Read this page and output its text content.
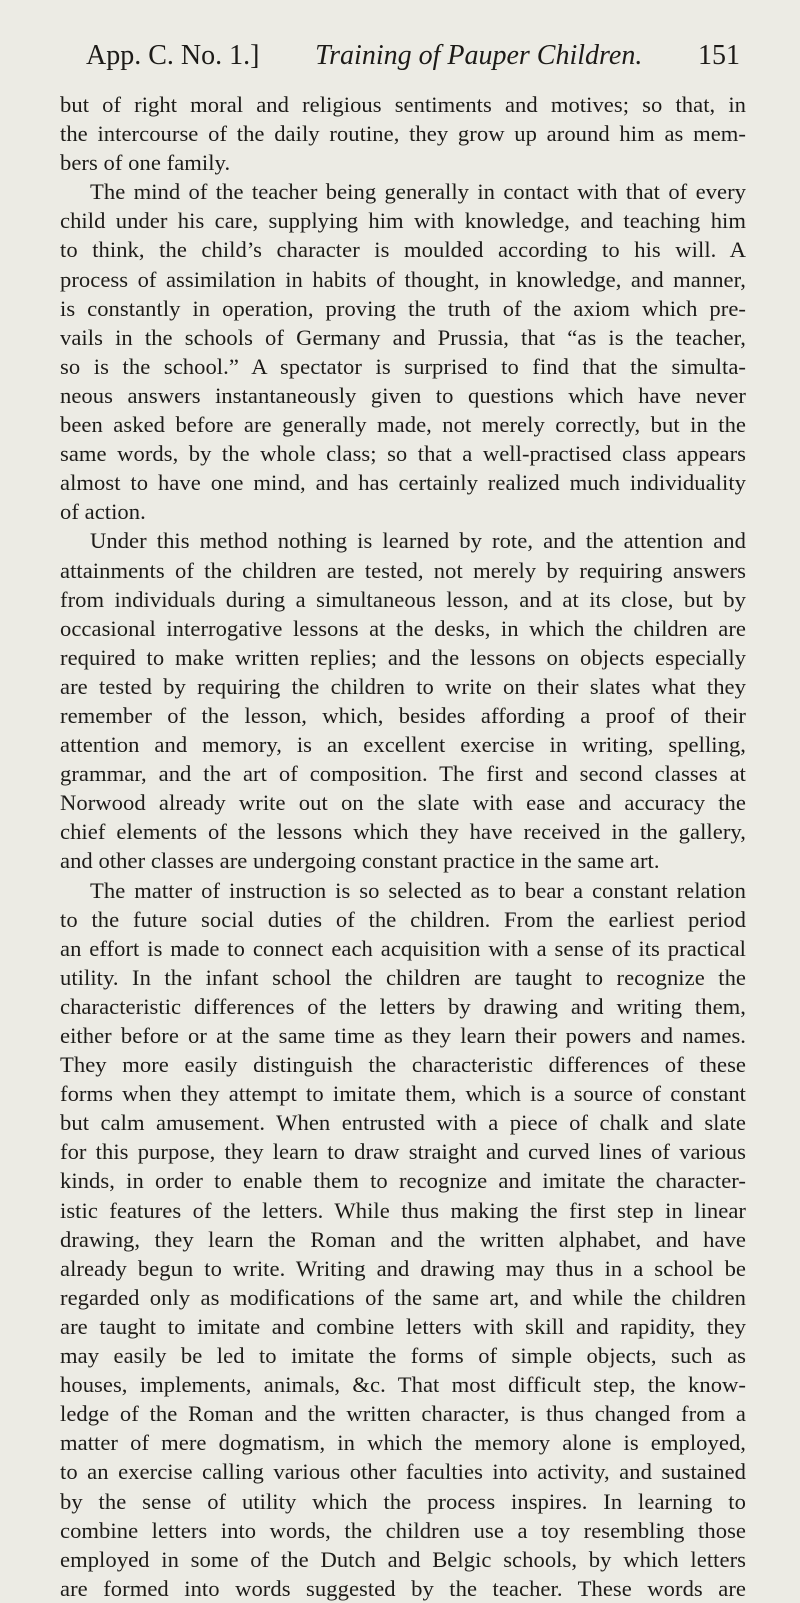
App. C. No. 1.] Training of Pauper Children. 151
but of right moral and religious sentiments and motives; so that, in
the intercourse of the daily routine, they grow up around him as mem-
bers of one family.
The mind of the teacher being generally in contact with that of every
child under his care, supplying him with knowledge, and teaching him
to think, the child’s character is moulded according to his will. A
process of assimilation in habits of thought, in knowledge, and manner,
is constantly in operation, proving the truth of the axiom which pre-
vails in the schools of Germany and Prussia, that “as is the teacher,
so is the school.” A spectator is surprised to find that the simulta-
neous answers instantaneously given to questions which have never
been asked before are generally made, not merely correctly, but in the
same words, by the whole class; so that a well-practised class appears
almost to have one mind, and has certainly realized much individuality
of action.
Under this method nothing is learned by rote, and the attention and
attainments of the children are tested, not merely by requiring answers
from individuals during a simultaneous lesson, and at its close, but by
occasional interrogative lessons at the desks, in which the children are
required to make written replies; and the lessons on objects especially
are tested by requiring the children to write on their slates what they
remember of the lesson, which, besides affording a proof of their
attention and memory, is an excellent exercise in writing, spelling,
grammar, and the art of composition. The first and second classes at
Norwood already write out on the slate with ease and accuracy the
chief elements of the lessons which they have received in the gallery,
and other classes are undergoing constant practice in the same art.
The matter of instruction is so selected as to bear a constant relation
to the future social duties of the children. From the earliest period
an effort is made to connect each acquisition with a sense of its practical
utility. In the infant school the children are taught to recognize the
characteristic differences of the letters by drawing and writing them,
either before or at the same time as they learn their powers and names.
They more easily distinguish the characteristic differences of these
forms when they attempt to imitate them, which is a source of constant
but calm amusement. When entrusted with a piece of chalk and slate
for this purpose, they learn to draw straight and curved lines of various
kinds, in order to enable them to recognize and imitate the character-
istic features of the letters. While thus making the first step in linear
drawing, they learn the Roman and the written alphabet, and have
already begun to write. Writing and drawing may thus in a school be
regarded only as modifications of the same art, and while the children
are taught to imitate and combine letters with skill and rapidity, they
may easily be led to imitate the forms of simple objects, such as
houses, implements, animals, &c. That most difficult step, the know-
ledge of the Roman and the written character, is thus changed from a
matter of mere dogmatism, in which the memory alone is employed,
to an exercise calling various other faculties into activity, and sustained
by the sense of utility which the process inspires. In learning to
combine letters into words, the children use a toy resembling those
employed in some of the Dutch and Belgic schools, by which letters
are formed into words suggested by the teacher. These words are
